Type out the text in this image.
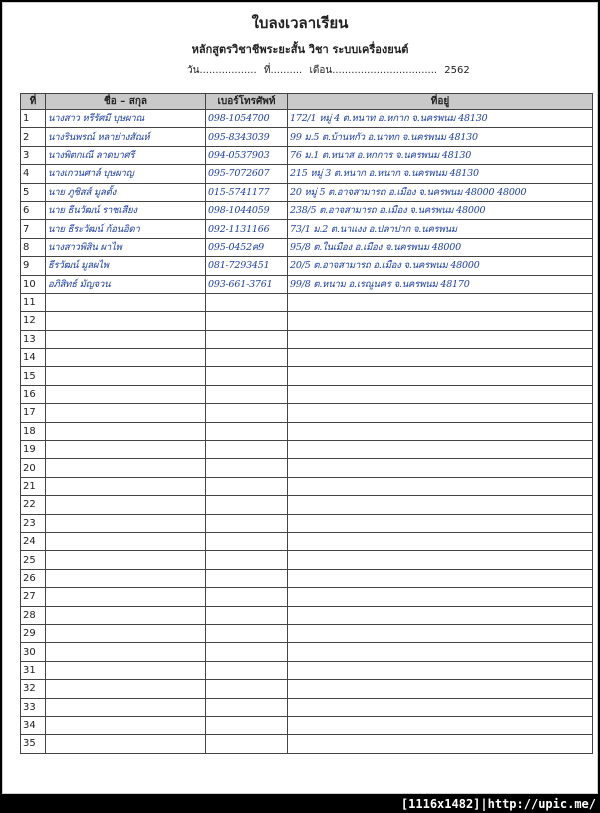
ใบลงเวลาเรียน
หลักสูตรวิชาชีพระยะสั้น วิชา ระบบเครื่องยนต์
วัน.................. ที่.......... เดือน................................. 2562
ที่	ชื่อ – สกุล	เบอร์โทรศัพท์	ที่อยู่
1	นางสาว หรีรัศมี บุษผาณ	098-1054700	172/1 หมู่ 4 ต.หนาท อ.หกาก จ.นครพนม 48130
2	นางรินพรณ์ หลาย่างสัณห์	095-8343039	99 ม.5 ต.บ้านหกัว อ.นาทก จ.นครพนม 48130
3	นางพิตกเณี ลาดบาศรี	094-0537903	76 ม.1 ต.หนาส อ.หกการ จ.นครพนม 48130
4	นางเกวนศาล์ บุษผาญ	095-7072607	215 หมู่ 3 ต.หนาก อ.หนาก จ.นครพนม 48130
5	นาย ภูชิสส์ มูลตั้ง	015-5741177	20 หมู่ 5 ต.อาจสามารถ อ.เมือง จ.นครพนม 48000 48000
6	นาย ธีนวัฒน์ ราชเสียง	098-1044059	238/5 ต.อาจสามารถ อ.เมือง จ.นครพนม 48000
7	นาย ธีระวัฒน์ ก้อนอิดา	092-1131166	73/1 ม.2 ต.นาแงง อ.ปลาปาก จ.นครพนม
8	นางสาวพิสิน ผาไพ	095-0452ค9	95/8 ต.ในเมือง อ.เมือง จ.นครพนม 48000
9	ธีรวัฒน์ มูลผไพ	081-7293451	20/5 ต.อาจสามารถ อ.เมือง จ.นครพนม 48000
10	อภิสิทธ์ มัญจวน	093-661-3761	99/8 ต.หนาม อ.เรณูนคร จ.นครพนม 48170
11			
12			
13			
14			
15			
16			
17			
18			
19			
20			
21			
22			
23			
24			
25			
26			
27			
28			
29			
30			
31			
32			
33			
34			
35			
[1116x1482]|http://upic.me/
